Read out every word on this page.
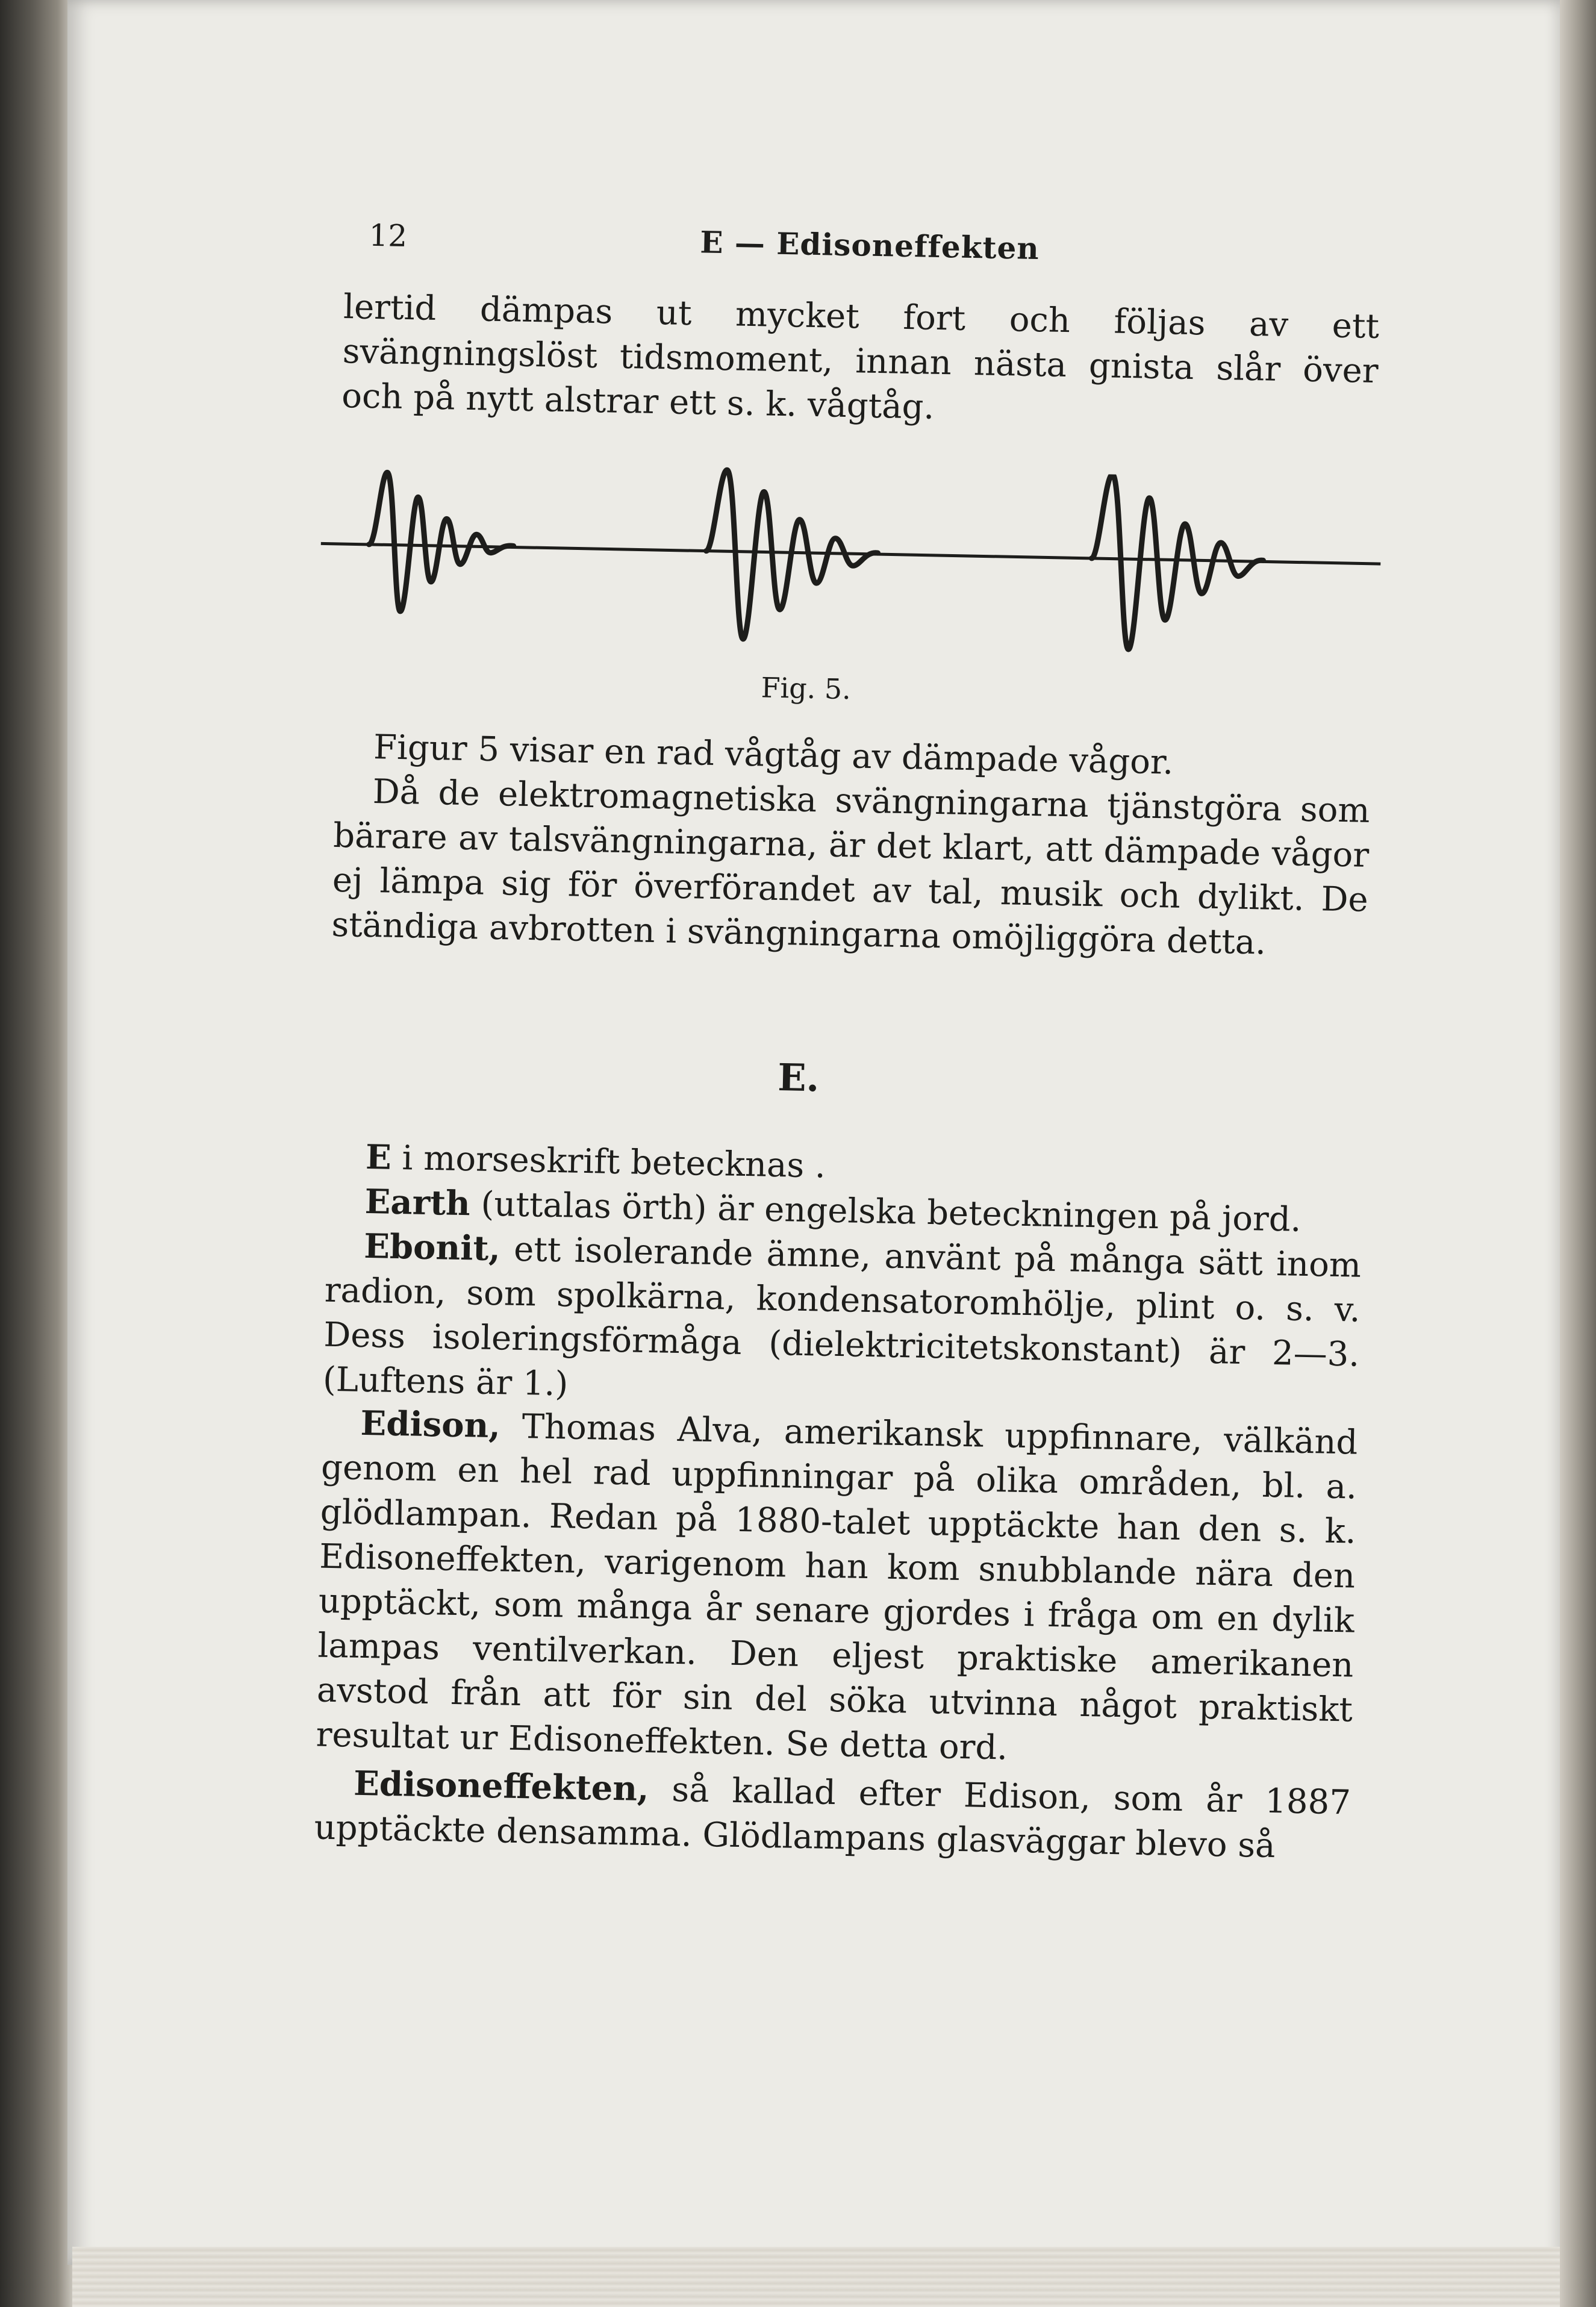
12	E — Edisoneffekten
lertid dämpas ut mycket fort och följas av ett svängningslöst tidsmoment, innan nästa gnista slår över och på nytt alstrar ett s. k. vågtåg.
Fig. 5.
Figur 5 visar en rad vågtåg av dämpade vågor.
Då de elektromagnetiska svängningarna tjänstgöra som bärare av talsvängningarna, är det klart, att dämpade vågor ej lämpa sig för överförandet av tal, musik och dylikt. De ständiga avbrotten i svängningarna omöjliggöra detta.
E.
E i morseskrift betecknas .
Earth (uttalas örth) är engelska beteckningen på jord.
Ebonit, ett isolerande ämne, använt på många sätt inom radion, som spolkärna, kondensatoromhölje, plint o. s. v. Dess isoleringsförmåga (dielektricitetskonstant) är 2—3. (Luftens är 1.)
Edison, Thomas Alva, amerikansk uppfinnare, välkänd genom en hel rad uppfinningar på olika områden, bl. a. glödlampan. Redan på 1880-talet upptäckte han den s. k. Edisoneffekten, varigenom han kom snubblande nära den upptäckt, som många år senare gjordes i fråga om en dylik lampas ventilverkan. Den eljest praktiske amerikanen avstod från att för sin del söka utvinna något praktiskt resultat ur Edisoneffekten. Se detta ord.
Edisoneffekten, så kallad efter Edison, som år 1887 upptäckte densamma. Glödlampans glasväggar blevo så
